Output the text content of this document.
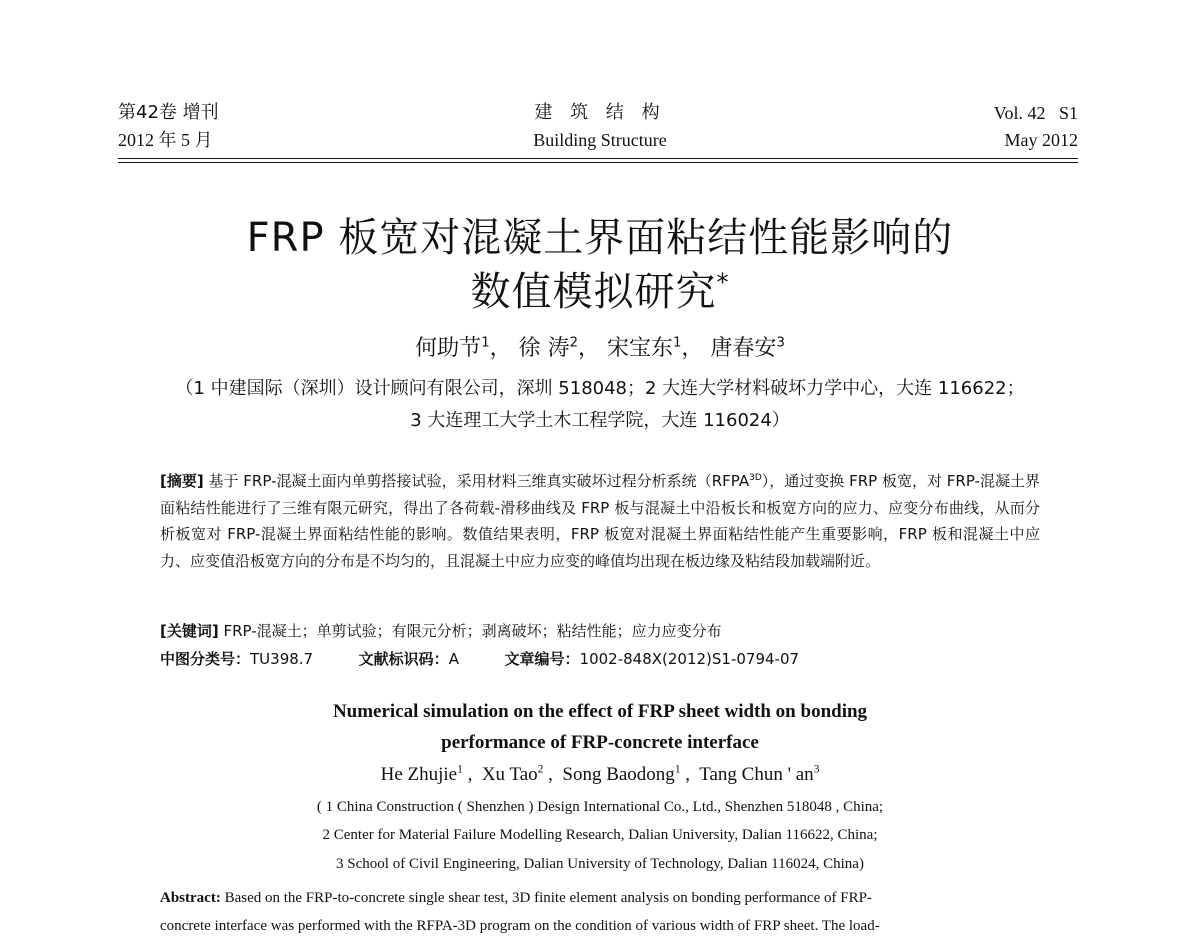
第42卷 增刊
2012 年 5 月
建 筑 结 构
Building Structure
Vol. 42   S1
May 2012
FRP 板宽对混凝土界面粘结性能影响的
数值模拟研究*
何助节$^1$， 徐 涛$^2$， 宋宝东$^1$， 唐春安$^3$
（1 中建国际（深圳）设计顾问有限公司，深圳 518048；2 大连大学材料破坏力学中心，大连 116622；
3 大连理工大学土木工程学院，大连 116024）
[摘要] 基于 FRP-混凝土面内单剪搭接试验，采用材料三维真实破坏过程分析系统$(RFPA^{3D})$，通过变换 FRP 板宽，对 FRP-混凝土界面粘结性能进行了三维有限元研究，得出了各荷载-滑移曲线及 FRP 板与混凝土中沿板长和板宽方向的应力、应变分布曲线，从而分析板宽对 FRP-混凝土界面粘结性能的影响。数值结果表明，FRP 板宽对混凝土界面粘结性能产生重要影响，FRP 板和混凝土中应力、应变值沿板宽方向的分布是不均匀的，且混凝土中应力应变的峰值均出现在板边缘及粘结段加载端附近。
[关键词] FRP-混凝土；单剪试验；有限元分析；剥离破坏；粘结性能；应力应变分布
中图分类号：TU398.7	文献标识码：A	文章编号：1002-848X(2012)S1-0794-07
Numerical simulation on the effect of FRP sheet width on bonding
performance of FRP-concrete interface
He Zhujie$^1$ ,  Xu Tao$^2$ ,  Song Baodong$^1$ ,  Tang Chun ' $an^3$
( 1 China Construction ( Shenzhen ) Design International Co., Ltd., Shenzhen 518048 , China;
2 Center for Material Failure Modelling Research, Dalian University, Dalian 116622, China;
3 School of Civil Engineering, Dalian University of Technology, Dalian 116024, China)
Abstract: Based on the FRP-to-concrete single shear test, 3D finite element analysis on bonding performance of FRP-
concrete interface was performed with the RFPA-3D program on the condition of various width of FRP sheet. The load-
